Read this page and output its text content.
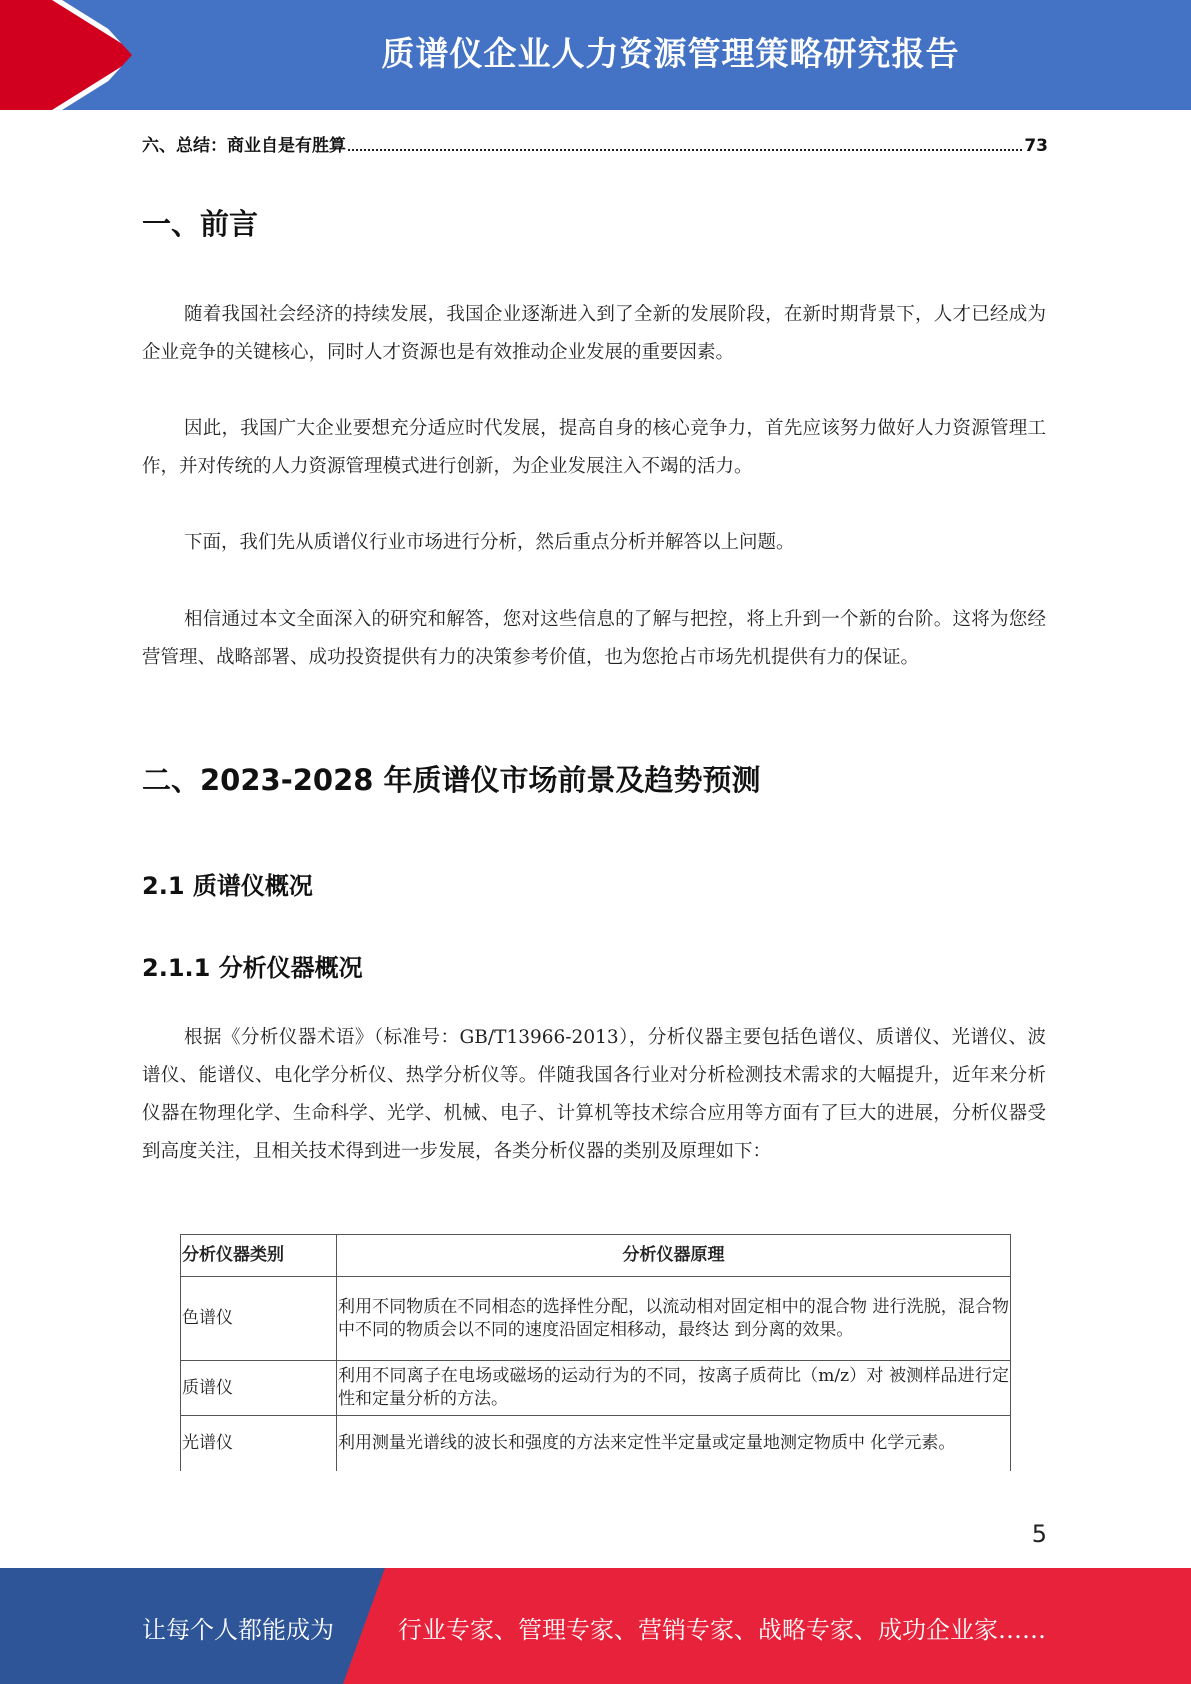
质谱仪企业人力资源管理策略研究报告
六、总结：商业自是有胜算	73
一、前言
随着我国社会经济的持续发展，我国企业逐渐进入到了全新的发展阶段，在新时期背景下，人才已经成为企业竞争的关键核心，同时人才资源也是有效推动企业发展的重要因素。
因此，我国广大企业要想充分适应时代发展，提高自身的核心竞争力，首先应该努力做好人力资源管理工作，并对传统的人力资源管理模式进行创新，为企业发展注入不竭的活力。
下面，我们先从质谱仪行业市场进行分析，然后重点分析并解答以上问题。
相信通过本文全面深入的研究和解答，您对这些信息的了解与把控，将上升到一个新的台阶。这将为您经营管理、战略部署、成功投资提供有力的决策参考价值，也为您抢占市场先机提供有力的保证。
二、2023-2028 年质谱仪市场前景及趋势预测
2.1 质谱仪概况
2.1.1 分析仪器概况
根据《分析仪器术语》（标准号：GB/T13966-2013），分析仪器主要包括色谱仪、质谱仪、光谱仪、波谱仪、能谱仪、电化学分析仪、热学分析仪等。伴随我国各行业对分析检测技术需求的大幅提升，近年来分析仪器在物理化学、生命科学、光学、机械、电子、计算机等技术综合应用等方面有了巨大的进展，分析仪器受到高度关注，且相关技术得到进一步发展，各类分析仪器的类别及原理如下：
分析仪器类别	分析仪器原理
色谱仪	利用不同物质在不同相态的选择性分配，以流动相对固定相中的混合物 进行洗脱，混合物中不同的物质会以不同的速度沿固定相移动，最终达 到分离的效果。
质谱仪	利用不同离子在电场或磁场的运动行为的不同，按离子质荷比（m/z）对 被测样品进行定性和定量分析的方法。
光谱仪	利用测量光谱线的波长和强度的方法来定性半定量或定量地测定物质中 化学元素。
5
让每个人都能成为	行业专家、管理专家、营销专家、战略专家、成功企业家……
